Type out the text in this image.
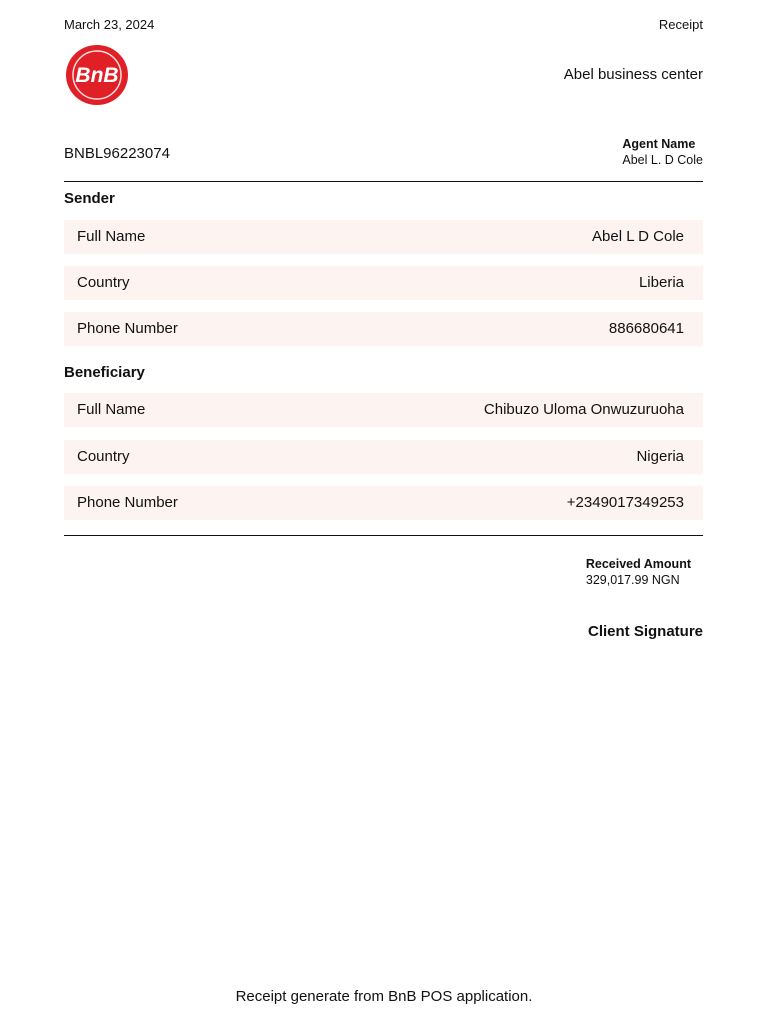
March 23, 2024	Receipt
BnB	Abel business center
BNBL96223074
Agent Name
Abel L. D Cole
Sender
Full Name	Abel L D Cole
Country	Liberia
Phone Number	886680641
Beneficiary
Full Name	Chibuzo Uloma Onwuzuruoha
Country	Nigeria
Phone Number	+2349017349253
Received Amount
329,017.99 NGN
Client Signature
Receipt generate from BnB POS application.
